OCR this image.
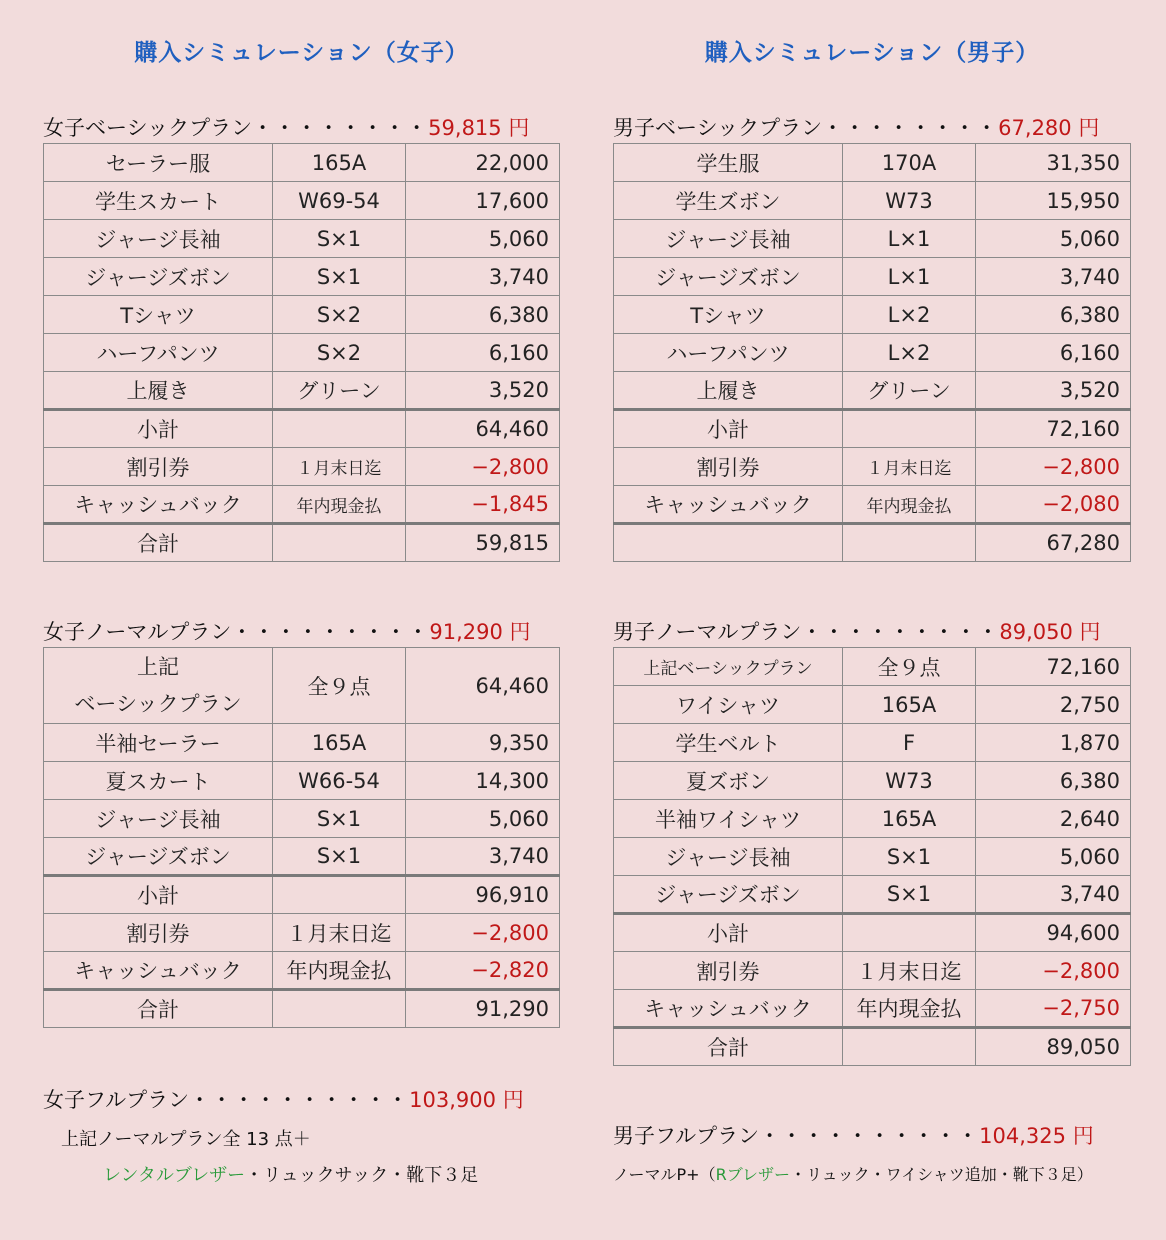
購入シミュレーション（女子）
女子ベーシックプラン・・・・・・・・59,815 円
セーラー服	165A	22,000
学生スカート	W69-54	17,600
ジャージ長袖	S×1	5,060
ジャージズボン	S×1	3,740
Tシャツ	S×2	6,380
ハーフパンツ	S×2	6,160
上履き	グリーン	3,520
小計		64,460
割引券	１月末日迄	−2,800
キャッシュバック	年内現金払	−1,845
合計		59,815
女子ノーマルプラン・・・・・・・・・91,290 円
上記
ベーシックプラン	全９点	64,460
半袖セーラー	165A	9,350
夏スカート	W66-54	14,300
ジャージ長袖	S×1	5,060
ジャージズボン	S×1	3,740
小計		96,910
割引券	１月末日迄	−2,800
キャッシュバック	年内現金払	−2,820
合計		91,290
女子フルプラン・・・・・・・・・・103,900 円
上記ノーマルプラン全 13 点＋
レンタルブレザー・リュックサック・靴下３足
購入シミュレーション（男子）
男子ベーシックプラン・・・・・・・・67,280 円
学生服	170A	31,350
学生ズボン	W73	15,950
ジャージ長袖	L×1	5,060
ジャージズボン	L×1	3,740
Tシャツ	L×2	6,380
ハーフパンツ	L×2	6,160
上履き	グリーン	3,520
小計		72,160
割引券	１月末日迄	−2,800
キャッシュバック	年内現金払	−2,080
		67,280
男子ノーマルプラン・・・・・・・・・89,050 円
上記ベーシックプラン	全９点	72,160
ワイシャツ	165A	2,750
学生ベルト	F	1,870
夏ズボン	W73	6,380
半袖ワイシャツ	165A	2,640
ジャージ長袖	S×1	5,060
ジャージズボン	S×1	3,740
小計		94,600
割引券	１月末日迄	−2,800
キャッシュバック	年内現金払	−2,750
合計		89,050
男子フルプラン・・・・・・・・・・104,325 円
ノーマルP+（Rブレザー・リュック・ワイシャツ追加・靴下３足）
